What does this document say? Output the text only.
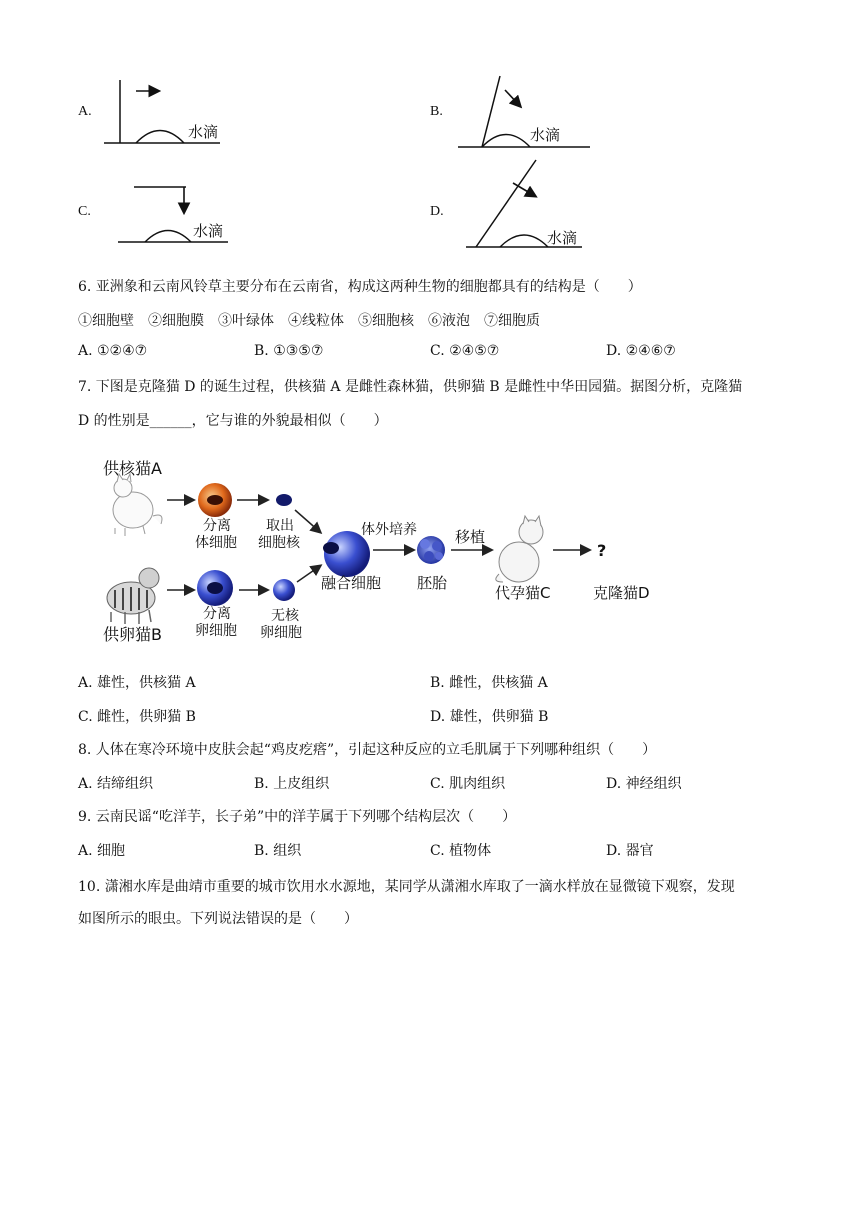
A.	B.
C.	D.
水滴	水滴
水滴	水滴
6. 亚洲象和云南风铃草主要分布在云南省，构成这两种生物的细胞都具有的结构是（　　）
①细胞壁　②细胞膜　③叶绿体　④线粒体　⑤细胞核　⑥液泡　⑦细胞质
A. ①②④⑦	B. ①③⑤⑦	C. ②④⑤⑦	D. ②④⑥⑦
7. 下图是克隆猫 D 的诞生过程，供核猫 A 是雌性森林猫，供卵猫 B 是雌性中华田园猫。据图分析，克隆猫
D 的性别是______，它与谁的外貌最相似（　　）
供核猫A
供卵猫B
分离
体细胞
取出
细胞核
分离
卵细胞
无核
卵细胞
融合细胞
体外培养
胚胎
移植
代孕猫C
?
克隆猫D
A. 雄性，供核猫 A	B. 雌性，供核猫 A
C. 雌性，供卵猫 B	D. 雄性，供卵猫 B
8. 人体在寒冷环境中皮肤会起“鸡皮疙瘩”，引起这种反应的立毛肌属于下列哪种组织（　　）
A. 结缔组织	B. 上皮组织	C. 肌肉组织	D. 神经组织
9. 云南民谣“吃洋芋，长子弟”中的洋芋属于下列哪个结构层次（　　）
A. 细胞	B. 组织	C. 植物体	D. 器官
10. 潇湘水库是曲靖市重要的城市饮用水水源地，某同学从潇湘水库取了一滴水样放在显微镜下观察，发现
如图所示的眼虫。下列说法错误的是（　　）
